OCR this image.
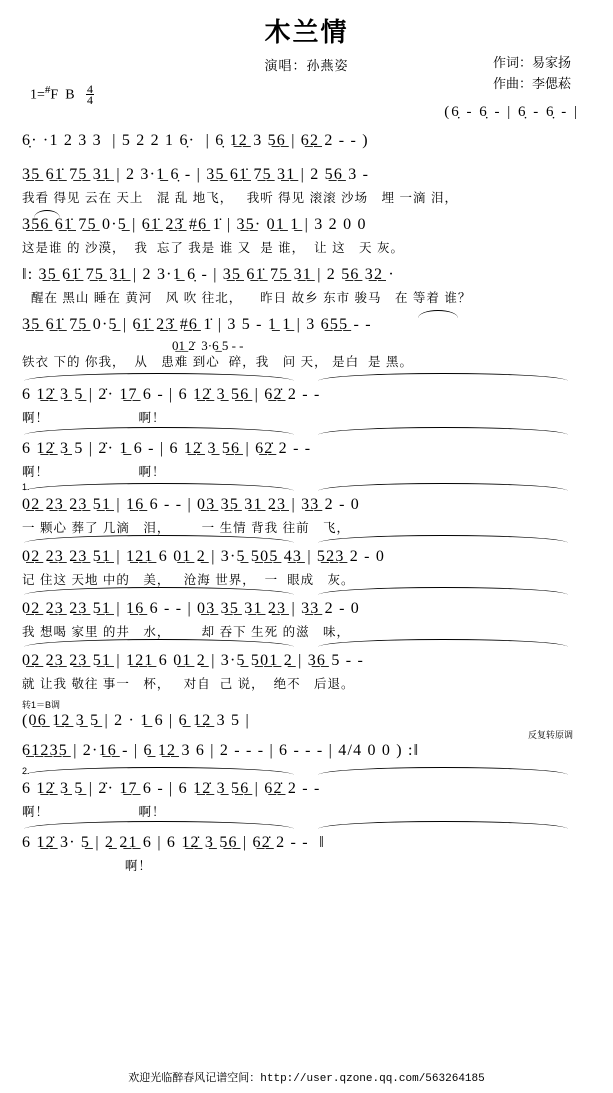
木兰情
演唱：孙燕姿	作词：易家扬
作曲：李偲菘
1=#F B $\frac{4}{4}$
(6̣ - 6̣ - | 6̣ - 6̣ - |
6̣· ·1 2 3 3  | 5 2 2 1 6̣·  | 6̣ 1̲2̲ 3 5̲6̲ | 6̲2̲ 2 - - )
3̲5̲ 6̲1̲̇ 7̲5̲ 3̲1̲ | 2 3·1̲ 6̣ - | 3̲5̲ 6̲1̲̇ 7̲5̲ 3̲1̲ | 2 5̲6̲ 3 -
我看 得见 云在 天上   混 乱 地飞，   我听 得见 滚滚 沙场   埋 一滴 泪，
3̲5̲6̲ 6̲1̲̇ 7̲5̲ 0·5̲ | 6̲1̲̇ 2̲3̲̇ #̲6̲ 1̇ | 3̲5̲· 0̲1̲ 1̲ | 3 2 0 0
这是谁 的 沙漠，  我  忘了 我是 谁 又  是 谁，  让 这   天 灰。
‖: 3̲5̲ 6̲1̲̇ 7̲5̲ 3̲1̲ | 2 3·1̲ 6̣ - | 3̲5̲ 6̲1̲̇ 7̲5̲ 3̲1̲ | 2 5̲6̲ 3̲2̲ ·
醒在 黑山 睡在 黄河   风 吹 往北，    昨日 故乡 东市 骏马   在 等着 谁？
3̲5̲ 6̲1̲̇ 7̲5̲ 0·5̲ | 6̲1̲̇ 2̲3̲̇ #̲6̲ 1̇ | 3 5 - 1̲ 1̲ | 3 6̲5̲5̲ - -
0̲1̲ 2̇  3·6̲ 5 - -
铁衣 下的 你我，  从   患难 到心  碎，我   问 天， 是白  是 黑。
6 1̲2̲̇ 3̲ 5̲ | 2̇· 1̲7̲ 6 - | 6 1̲2̲̇ 3̲ 5̲6̲ | 6̲2̲̇ 2 - -
啊！                    啊！
6 1̲2̲̇ 3̲ 5 | 2̇· 1̲ 6 - | 6 1̲2̲̇ 3̲ 5̲6̲ | 6̲2̲̇ 2 - -
啊！                    啊！
1.
0̲2̲ 2̲3̲ 2̲3̲ 5̲1̲ | 1̲6̲ 6 - - | 0̲3̲ 3̲5̲ 3̲1̲ 2̲3̲ | 3̲3̲ 2 - 0
一 颗心 葬了 几滴   泪，       一 生情 背我 往前   飞，
0̲2̲ 2̲3̲ 2̲3̲ 5̲1̲ | 1̲2̲1̲ 6 0̲1̲ 2̲ | 3·5̲ 5̲0̲5̲ 4̲3̲ | 5̲2̲3̲ 2 - 0
记 住这 天地 中的   美，   沧海 世界，  一  眼成   灰。
0̲2̲ 2̲3̲ 2̲3̲ 5̲1̲ | 1̲6̲ 6 - - | 0̲3̲ 3̲5̲ 3̲1̲ 2̲3̲ | 3̲3̲ 2 - 0
我 想喝 家里 的井   水，       却 吞下 生死 的滋   味，
0̲2̲ 2̲3̲ 2̲3̲ 5̲1̲ | 1̲2̲1̲ 6 0̲1̲ 2̲ | 3·5̲ 5̲0̲1̲ 2̲ | 3̲6̲ 5 - -
就 让我 敬往 事一   杯，   对自  己 说，  绝不   后退。
转1＝B调
(0̲6̲ 1̲2̲ 3̲ 5̲ | 2 · 1̲ 6 | 6̲ 1̲2̲ 3 5 |
反复转原调
6̲1̲2̲3̲5̲ | 2·1̲6̲ - | 6̲ 1̲2̲ 3 6 | 2 - - - | 6 - - - | 4/4 0 0 ) :‖
2.
6 1̲2̲̇ 3̲ 5̲ | 2̇· 1̲7̲ 6 - | 6 1̲2̲̇ 3̲ 5̲6̲ | 6̲2̲̇ 2 - -
啊！                    啊！
6 1̲2̲̇ 3· 5̲ | 2̲ 2̲1̲ 6 | 6 1̲2̲̇ 3̲ 5̲6̲ | 6̲2̲̇ 2 - -  ‖
啊！
欢迎光临醉春风记谱空间：http://user.qzone.qq.com/563264185
